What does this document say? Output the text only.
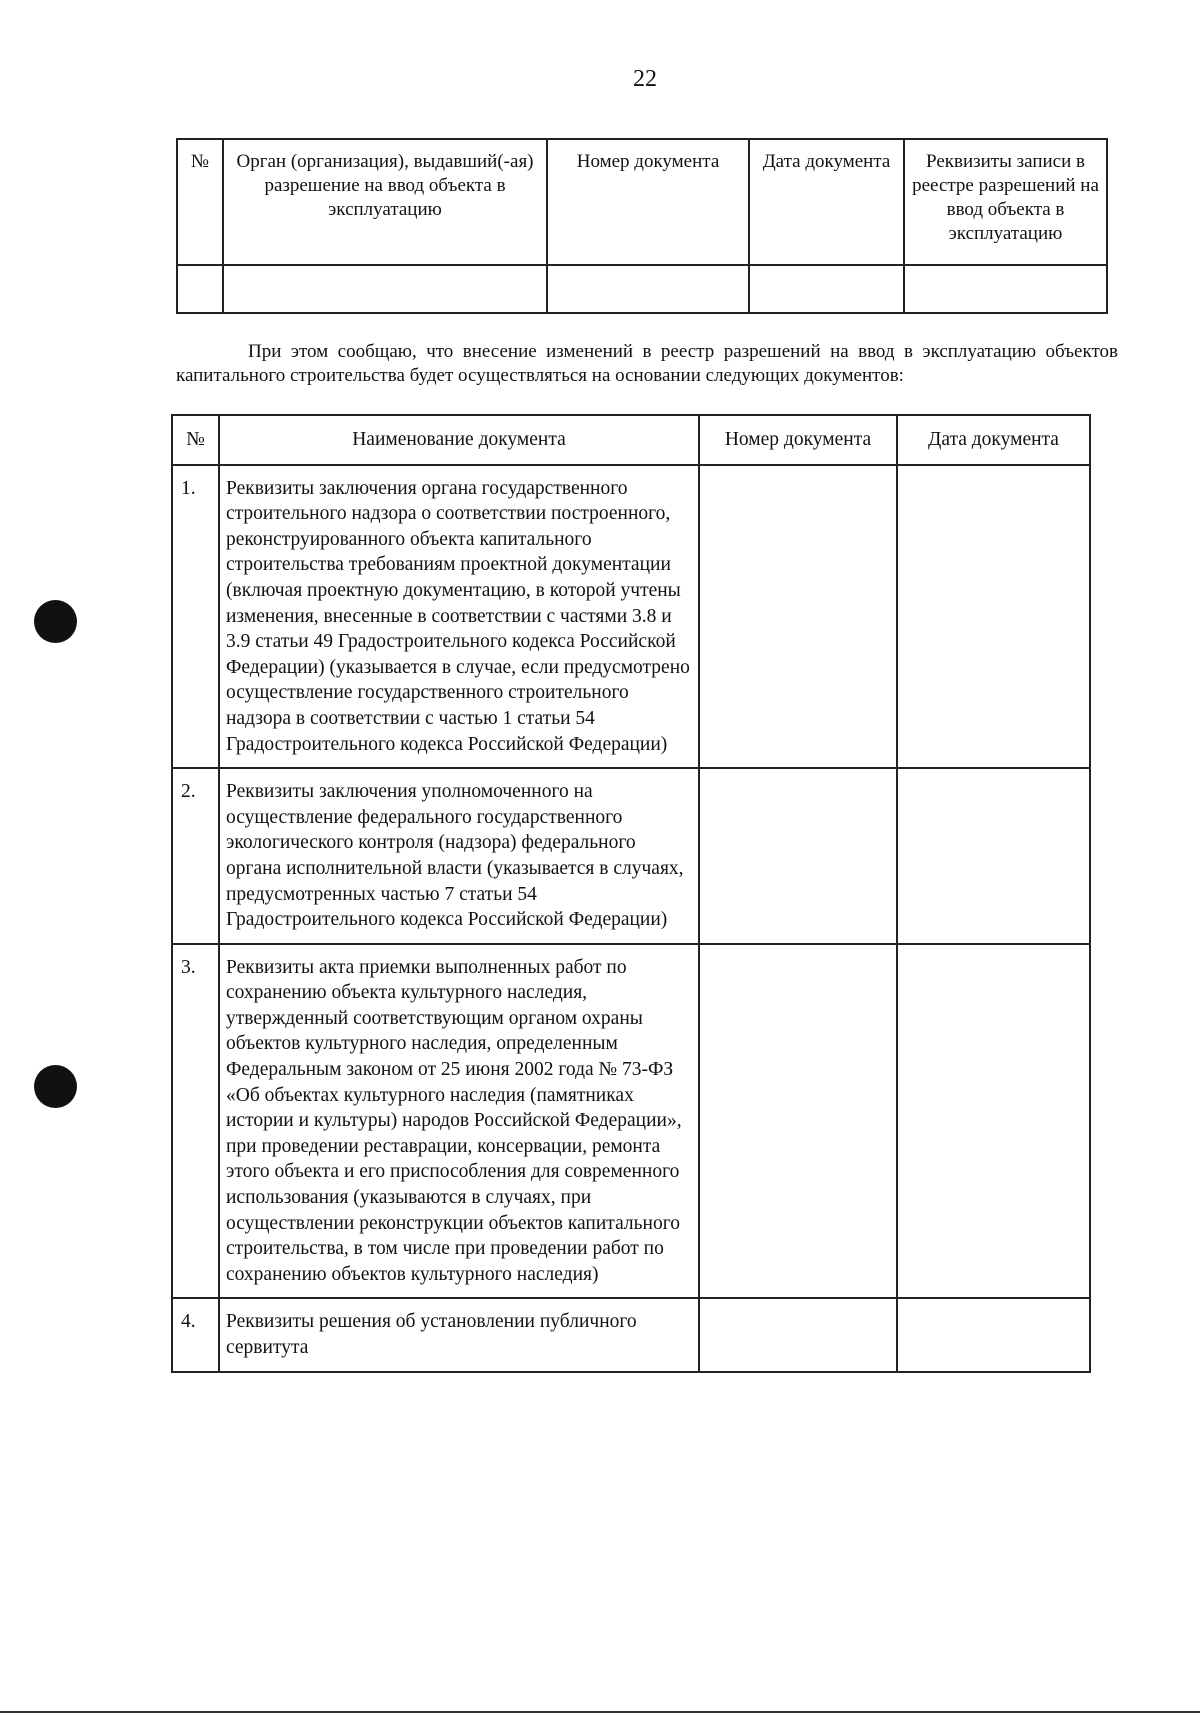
22
№	Орган (организация), выдавший(-ая) разрешение на ввод объекта в эксплуатацию	Номер документа	Дата документа	Реквизиты записи в реестре разрешений на ввод объекта в эксплуатацию

При этом сообщаю, что внесение изменений в реестр разрешений на ввод в эксплуатацию объектов капитального строительства будет осуществляться на основании следующих документов:
№	Наименование документа	Номер документа	Дата документа
1.	Реквизиты заключения органа государственного строительного надзора о соответствии построенного, реконструированного объекта капитального строительства требованиям проектной документации (включая проектную документацию, в которой учтены изменения, внесенные в соответствии с частями 3.8 и 3.9 статьи 49 Градостроительного кодекса Российской Федерации) (указывается в случае, если предусмотрено осуществление государственного строительного надзора в соответствии с частью 1 статьи 54 Градостроительного кодекса Российской Федерации)		
2.	Реквизиты заключения уполномоченного на осуществление федерального государственного экологического контроля (надзора) федерального органа исполнительной власти (указывается в случаях, предусмотренных частью 7 статьи 54 Градостроительного кодекса Российской Федерации)		
3.	Реквизиты акта приемки выполненных работ по сохранению объекта культурного наследия, утвержденный соответствующим органом охраны объектов культурного наследия, определенным Федеральным законом от 25 июня 2002 года № 73-ФЗ «Об объектах культурного наследия (памятниках истории и культуры) народов Российской Федерации», при проведении реставрации, консервации, ремонта этого объекта и его приспособления для современного использования (указываются в случаях, при осуществлении реконструкции объектов капитального строительства, в том числе при проведении работ по сохранению объектов культурного наследия)		
4.	Реквизиты решения об установлении публичного сервитута		
